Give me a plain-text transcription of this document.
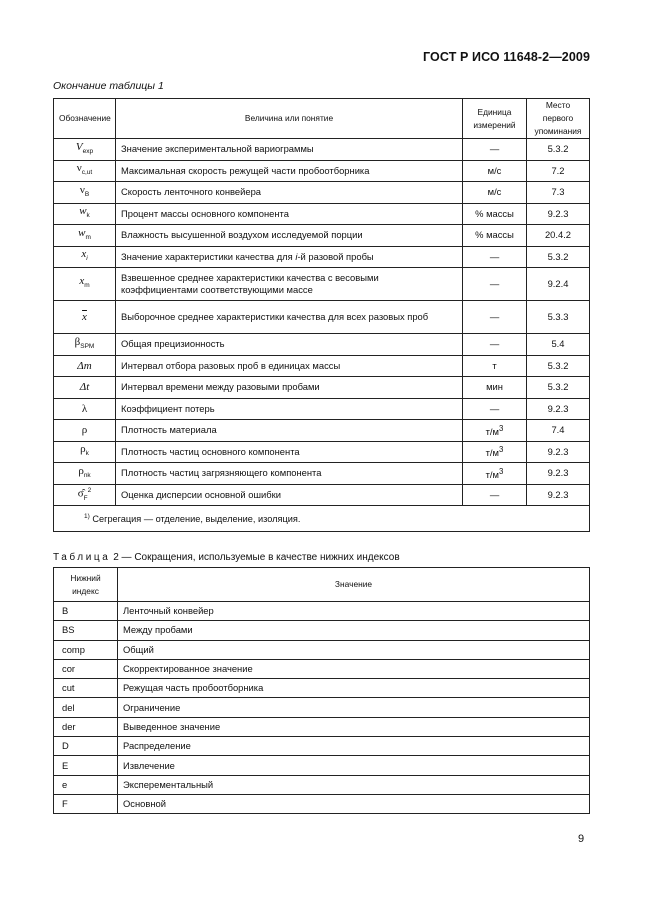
ГОСТ Р ИСО 11648-2—2009
Окончание таблицы 1
Обозначение	Величина или понятие	Единица измерений	Место первого упоминания
$V_{exp}$	Значение экспериментальной вариограммы	—	5.3.2
$\nu_{c,ut}$	Максимальная скорость режущей части пробоотборника	м/с	7.2
$\nu_B$	Скорость ленточного конвейера	м/с	7.3
$w_k$	Процент массы основного компонента	% массы	9.2.3
$w_m$	Влажность высушенной воздухом исследуемой порции	% массы	20.4.2
$x_i$	Значение характеристики качества для i-й разовой пробы	—	5.3.2
$x_m$	Взвешенное среднее характеристики качества с весовыми коэффициентами соответствующими массе	—	9.2.4
$\overline{x}$	Выборочное среднее характеристики качества для всех разовых проб	—	5.3.3
$\beta_{SPM}$	Общая прецизионность	—	5.4
Δm	Интервал отбора разовых проб в единицах массы	т	5.3.2
Δt	Интервал времени между разовыми пробами	мин	5.3.2
λ	Коэффициент потерь	—	9.2.3
ρ	Плотность материала	$т/м^3$	7.4
$\rho_k$	Плотность частиц основного компонента	$т/м^3$	9.2.3
$\rho_{nk}$	Плотность частиц загрязняющего компонента	$т/м^3$	9.2.3
$\sigmâ_F^2$	Оценка дисперсии основной ошибки	—	9.2.3
$^{1)}$ Сегрегация — отделение, выделение, изоляция.			
Таблица 2 — Сокращения, используемые в качестве нижних индексов
Нижний индекс	Значение
B	Ленточный конвейер
BS	Между пробами
comp	Общий
cor	Скорректированное значение
cut	Режущая часть пробоотборника
del	Ограничение
der	Выведенное значение
D	Распределение
E	Извлечение
e	Эксперементальный
F	Основной
9
